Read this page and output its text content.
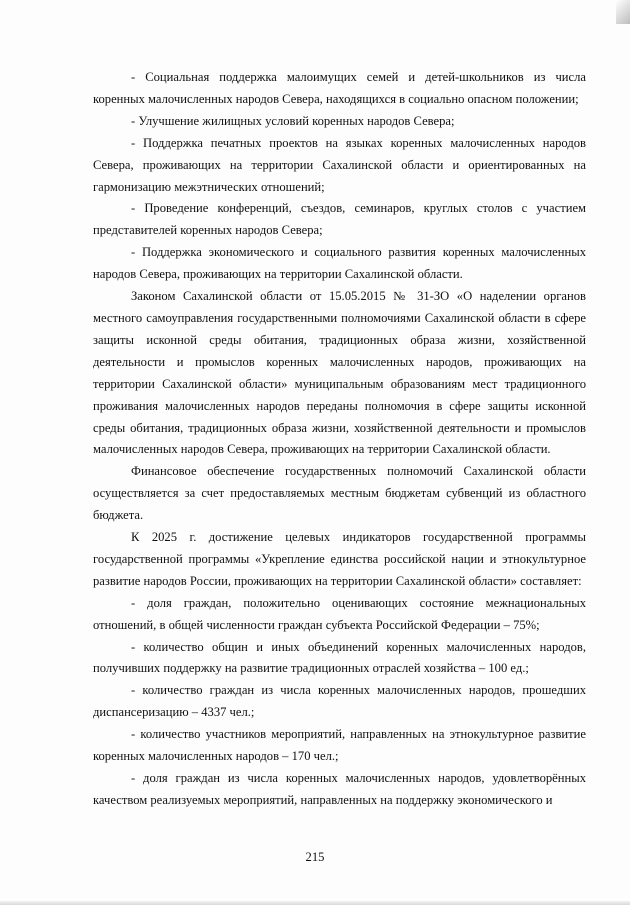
- Социальная поддержка малоимущих семей и детей-школьников из числа коренных малочисленных народов Севера, находящихся в социально опасном положении;

- Улучшение жилищных условий коренных народов Севера;

- Поддержка печатных проектов на языках коренных малочисленных народов Севера, проживающих на территории Сахалинской области и ориентированных на гармонизацию межэтнических отношений;

- Проведение конференций, съездов, семинаров, круглых столов с участием представителей коренных народов Севера;

- Поддержка экономического и социального развития коренных малочисленных народов Севера, проживающих на территории Сахалинской области.

Законом Сахалинской области от 15.05.2015 № 31-ЗО «О наделении органов местного самоуправления государственными полномочиями Сахалинской области в сфере защиты исконной среды обитания, традиционных образа жизни, хозяйственной деятельности и промыслов коренных малочисленных народов, проживающих на территории Сахалинской области» муниципальным образованиям мест традиционного проживания малочисленных народов переданы полномочия в сфере защиты исконной среды обитания, традиционных образа жизни, хозяйственной деятельности и промыслов малочисленных народов Севера, проживающих на территории Сахалинской области.

Финансовое обеспечение государственных полномочий Сахалинской области осуществляется за счет предоставляемых местным бюджетам субвенций из областного бюджета.

К 2025 г. достижение целевых индикаторов государственной программы государственной программы «Укрепление единства российской нации и этнокультурное развитие народов России, проживающих на территории Сахалинской области» составляет:

- доля граждан, положительно оценивающих состояние межнациональных отношений, в общей численности граждан субъекта Российской Федерации – 75%;

- количество общин и иных объединений коренных малочисленных народов, получивших поддержку на развитие традиционных отраслей хозяйства – 100 ед.;

- количество граждан из числа коренных малочисленных народов, прошедших диспансеризацию – 4337 чел.;

- количество участников мероприятий, направленных на этнокультурное развитие коренных малочисленных народов – 170 чел.;

- доля граждан из числа коренных малочисленных народов, удовлетворённых качеством реализуемых мероприятий, направленных на поддержку экономического и

215
